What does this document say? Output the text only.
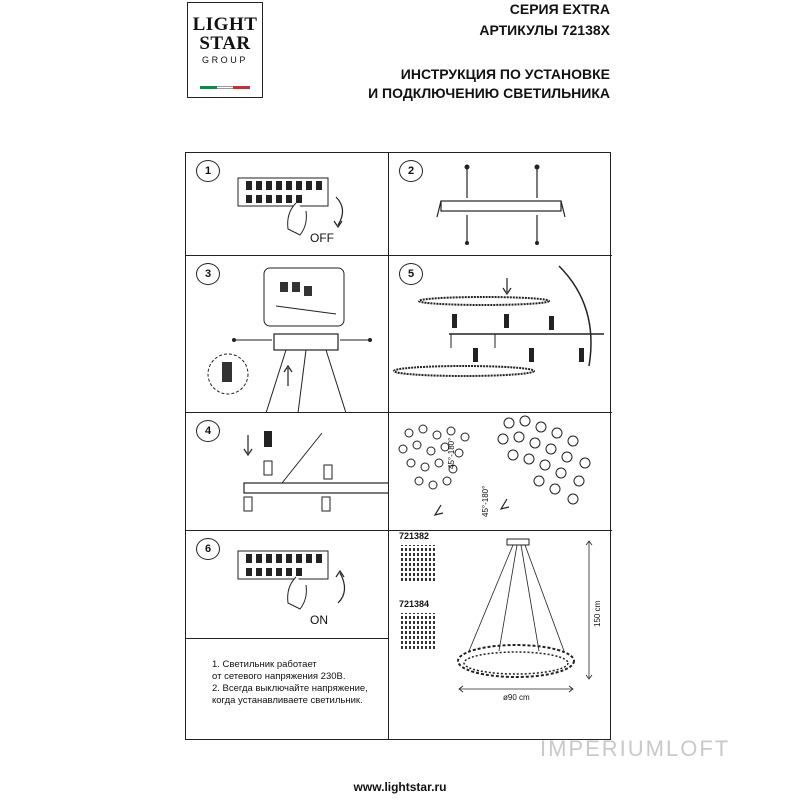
LIGHT
STAR
GROUP
СЕРИЯ EXTRA
АРТИКУЛЫ 72138X
ИНСТРУКЦИЯ ПО УСТАНОВКЕ
И ПОДКЛЮЧЕНИЮ СВЕТИЛЬНИКА
1
OFF
2
3	5
4
45°-180°
45°-180°
6
ON
1. Светильник работает
от сетевого напряжения 230В.
2. Всегда выключайте напряжение,
когда устанавливаете светильник.
721382
721384	150 cm
ø90 cm
IMPERIUMLOFT
www.lightstar.ru
